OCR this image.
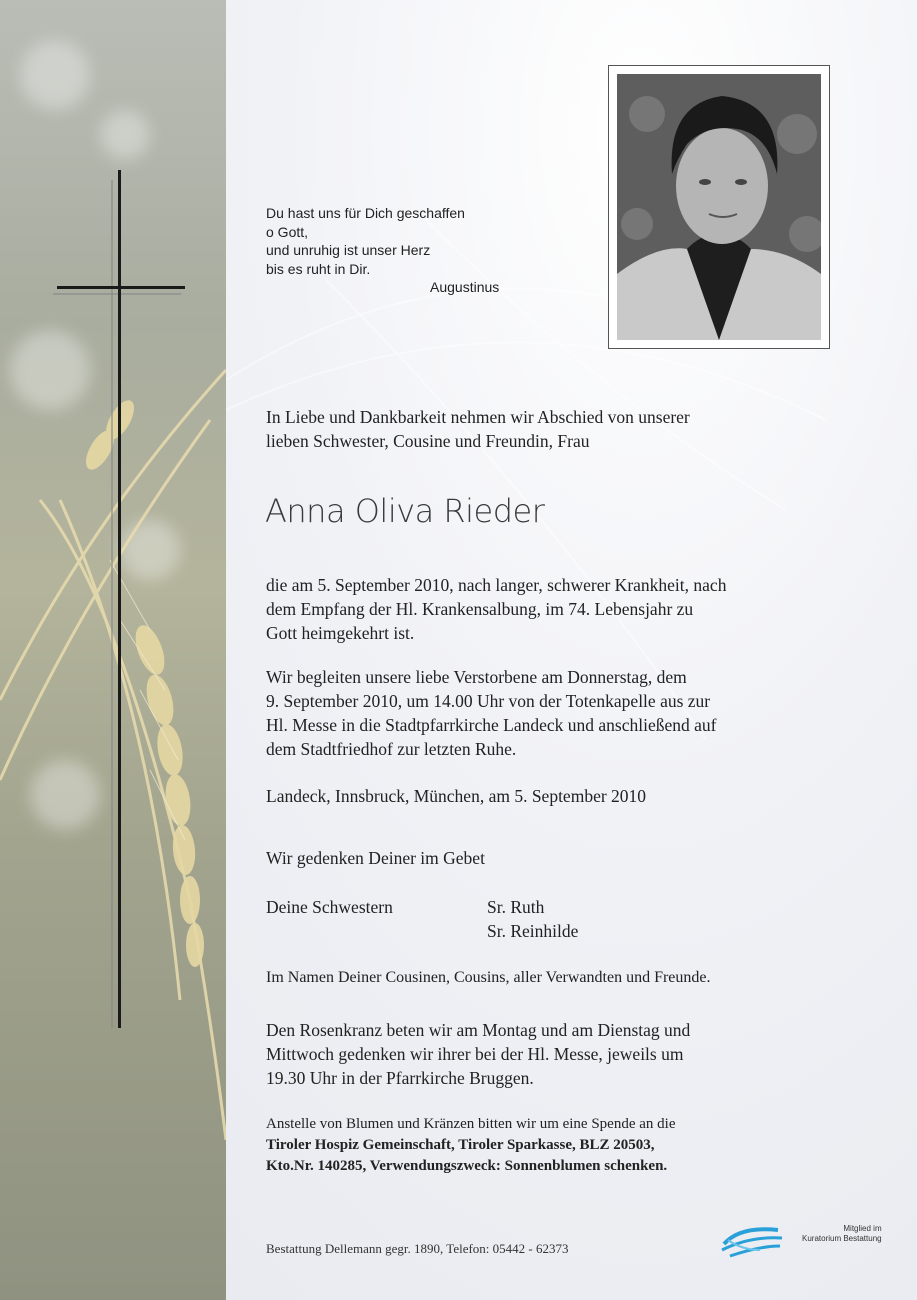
Du hast uns für Dich geschaffen
o Gott,
und unruhig ist unser Herz
bis es ruht in Dir.
Augustinus
In Liebe und Dankbarkeit nehmen wir Abschied von unserer
lieben Schwester, Cousine und Freundin, Frau
Anna Oliva Rieder
die am 5. September 2010, nach langer, schwerer Krankheit, nach
dem Empfang der Hl. Krankensalbung, im 74. Lebensjahr zu
Gott heimgekehrt ist.
Wir begleiten unsere liebe Verstorbene am Donnerstag, dem
9. September 2010, um 14.00 Uhr von der Totenkapelle aus zur
Hl. Messe in die Stadtpfarrkirche Landeck und anschließend auf
dem Stadtfriedhof zur letzten Ruhe.
Landeck, Innsbruck, München, am 5. September 2010
Wir gedenken Deiner im Gebet
Deine Schwestern	Sr. Ruth
Sr. Reinhilde
Im Namen Deiner Cousinen, Cousins, aller Verwandten und Freunde.
Den Rosenkranz beten wir am Montag und am Dienstag und
Mittwoch gedenken wir ihrer bei der Hl. Messe, jeweils um
19.30 Uhr in der Pfarrkirche Bruggen.
Anstelle von Blumen und Kränzen bitten wir um eine Spende an die
Tiroler Hospiz Gemeinschaft, Tiroler Sparkasse, BLZ 20503,
Kto.Nr. 140285, Verwendungszweck: Sonnenblumen schenken.
Bestattung Dellemann gegr. 1890, Telefon: 05442 - 62373
Mitglied im
Kuratorium Bestattung
